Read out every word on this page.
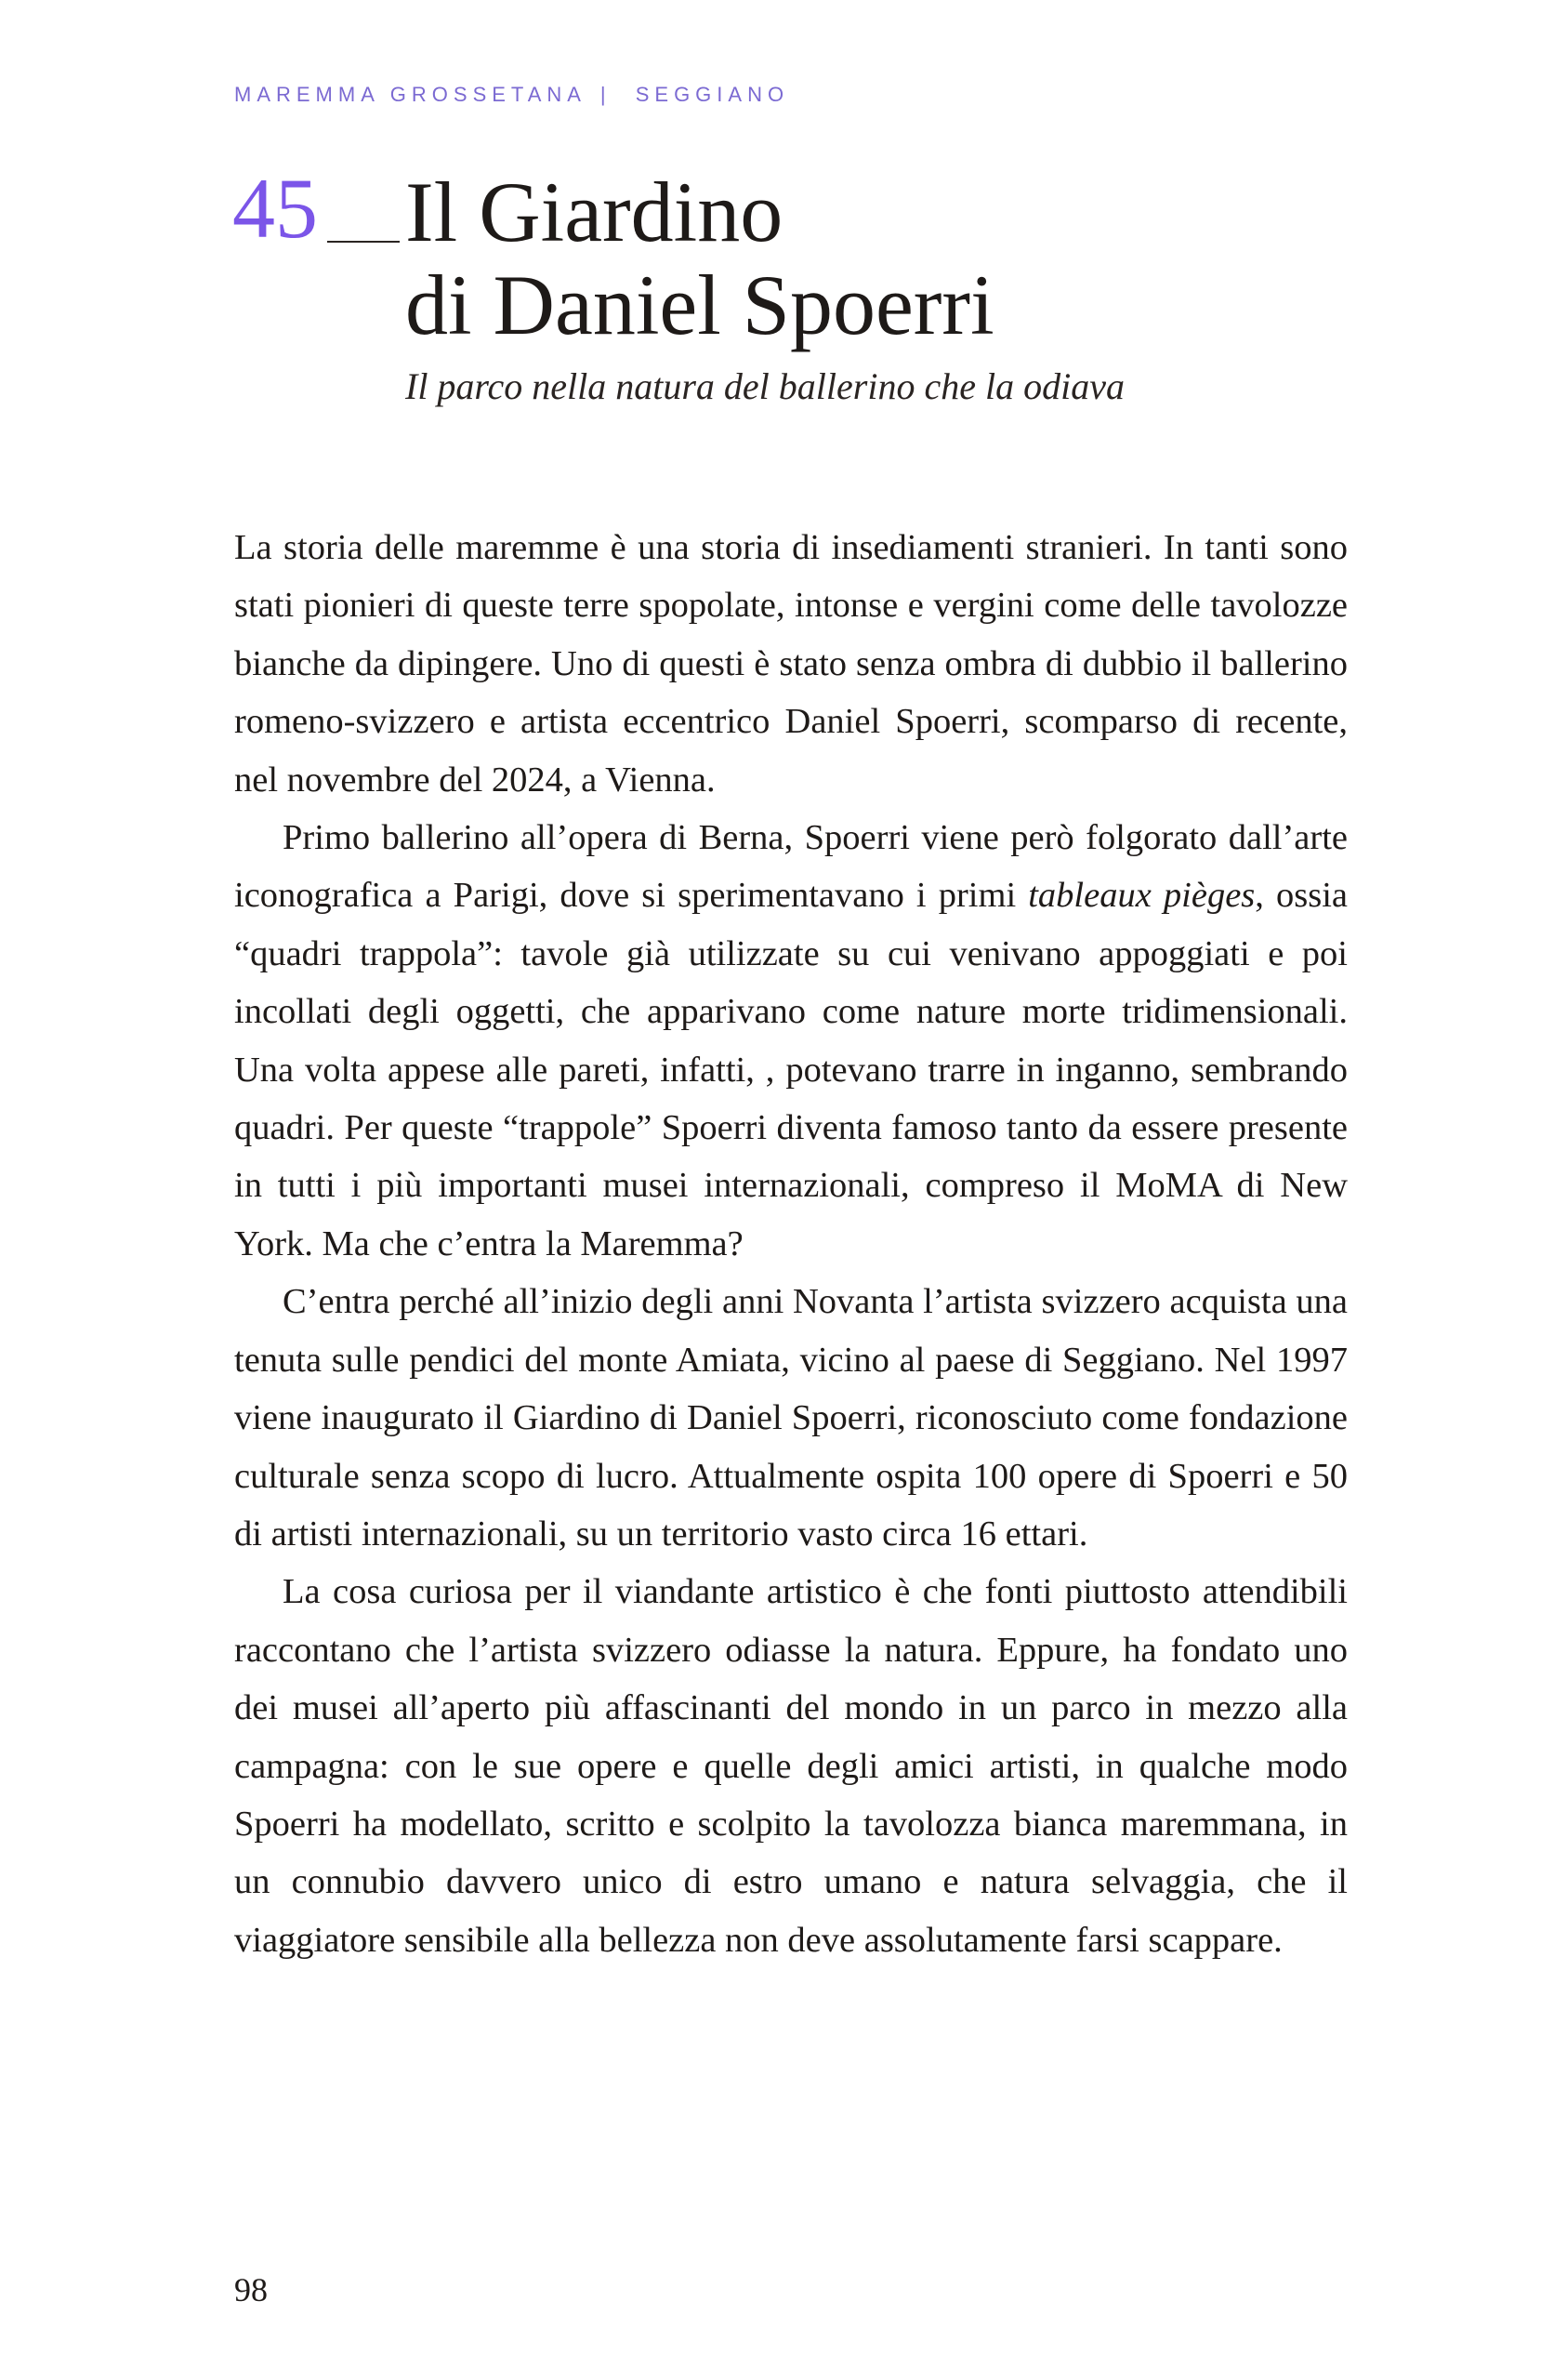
MAREMMA GROSSETANA | SEGGIANO
45 Il Giardino
di Daniel Spoerri
Il parco nella natura del ballerino che la odiava

La storia delle maremme è una storia di insediamenti stranieri. In tanti sono stati pionieri di queste terre spopolate, intonse e vergini come delle tavolozze bianche da dipingere. Uno di questi è stato senza ombra di dubbio il ballerino romeno-svizzero e artista eccentrico Daniel Spoerri, scomparso di recente, nel novembre del 2024, a Vienna.

Primo ballerino all’opera di Berna, Spoerri viene però folgorato dall’arte iconografica a Parigi, dove si sperimentavano i primi tableaux pièges, ossia “quadri trappola”: tavole già utilizzate su cui venivano appoggiati e poi incollati degli oggetti, che apparivano come nature morte tridimensionali. Una volta appese alle pareti, infatti, , potevano trarre in inganno, sembrando quadri. Per queste “trappole” Spoerri diventa famoso tanto da essere presente in tutti i più importanti musei internazionali, compreso il MoMA di New York. Ma che c’entra la Maremma?

C’entra perché all’inizio degli anni Novanta l’artista svizzero acquista una tenuta sulle pendici del monte Amiata, vicino al paese di Seggiano. Nel 1997 viene inaugurato il Giardino di Daniel Spoerri, riconosciuto come fondazione culturale senza scopo di lucro. Attualmente ospita 100 opere di Spoerri e 50 di artisti internazionali, su un territorio vasto circa 16 ettari.

La cosa curiosa per il viandante artistico è che fonti piuttosto attendibili raccontano che l’artista svizzero odiasse la natura. Eppure, ha fondato uno dei musei all’aperto più affascinanti del mondo in un parco in mezzo alla campagna: con le sue opere e quelle degli amici artisti, in qualche modo Spoerri ha modellato, scritto e scolpito la tavolozza bianca maremmana, in un connubio davvero unico di estro umano e natura selvaggia, che il viaggiatore sensibile alla bellezza non deve assolutamente farsi scappare.

98
